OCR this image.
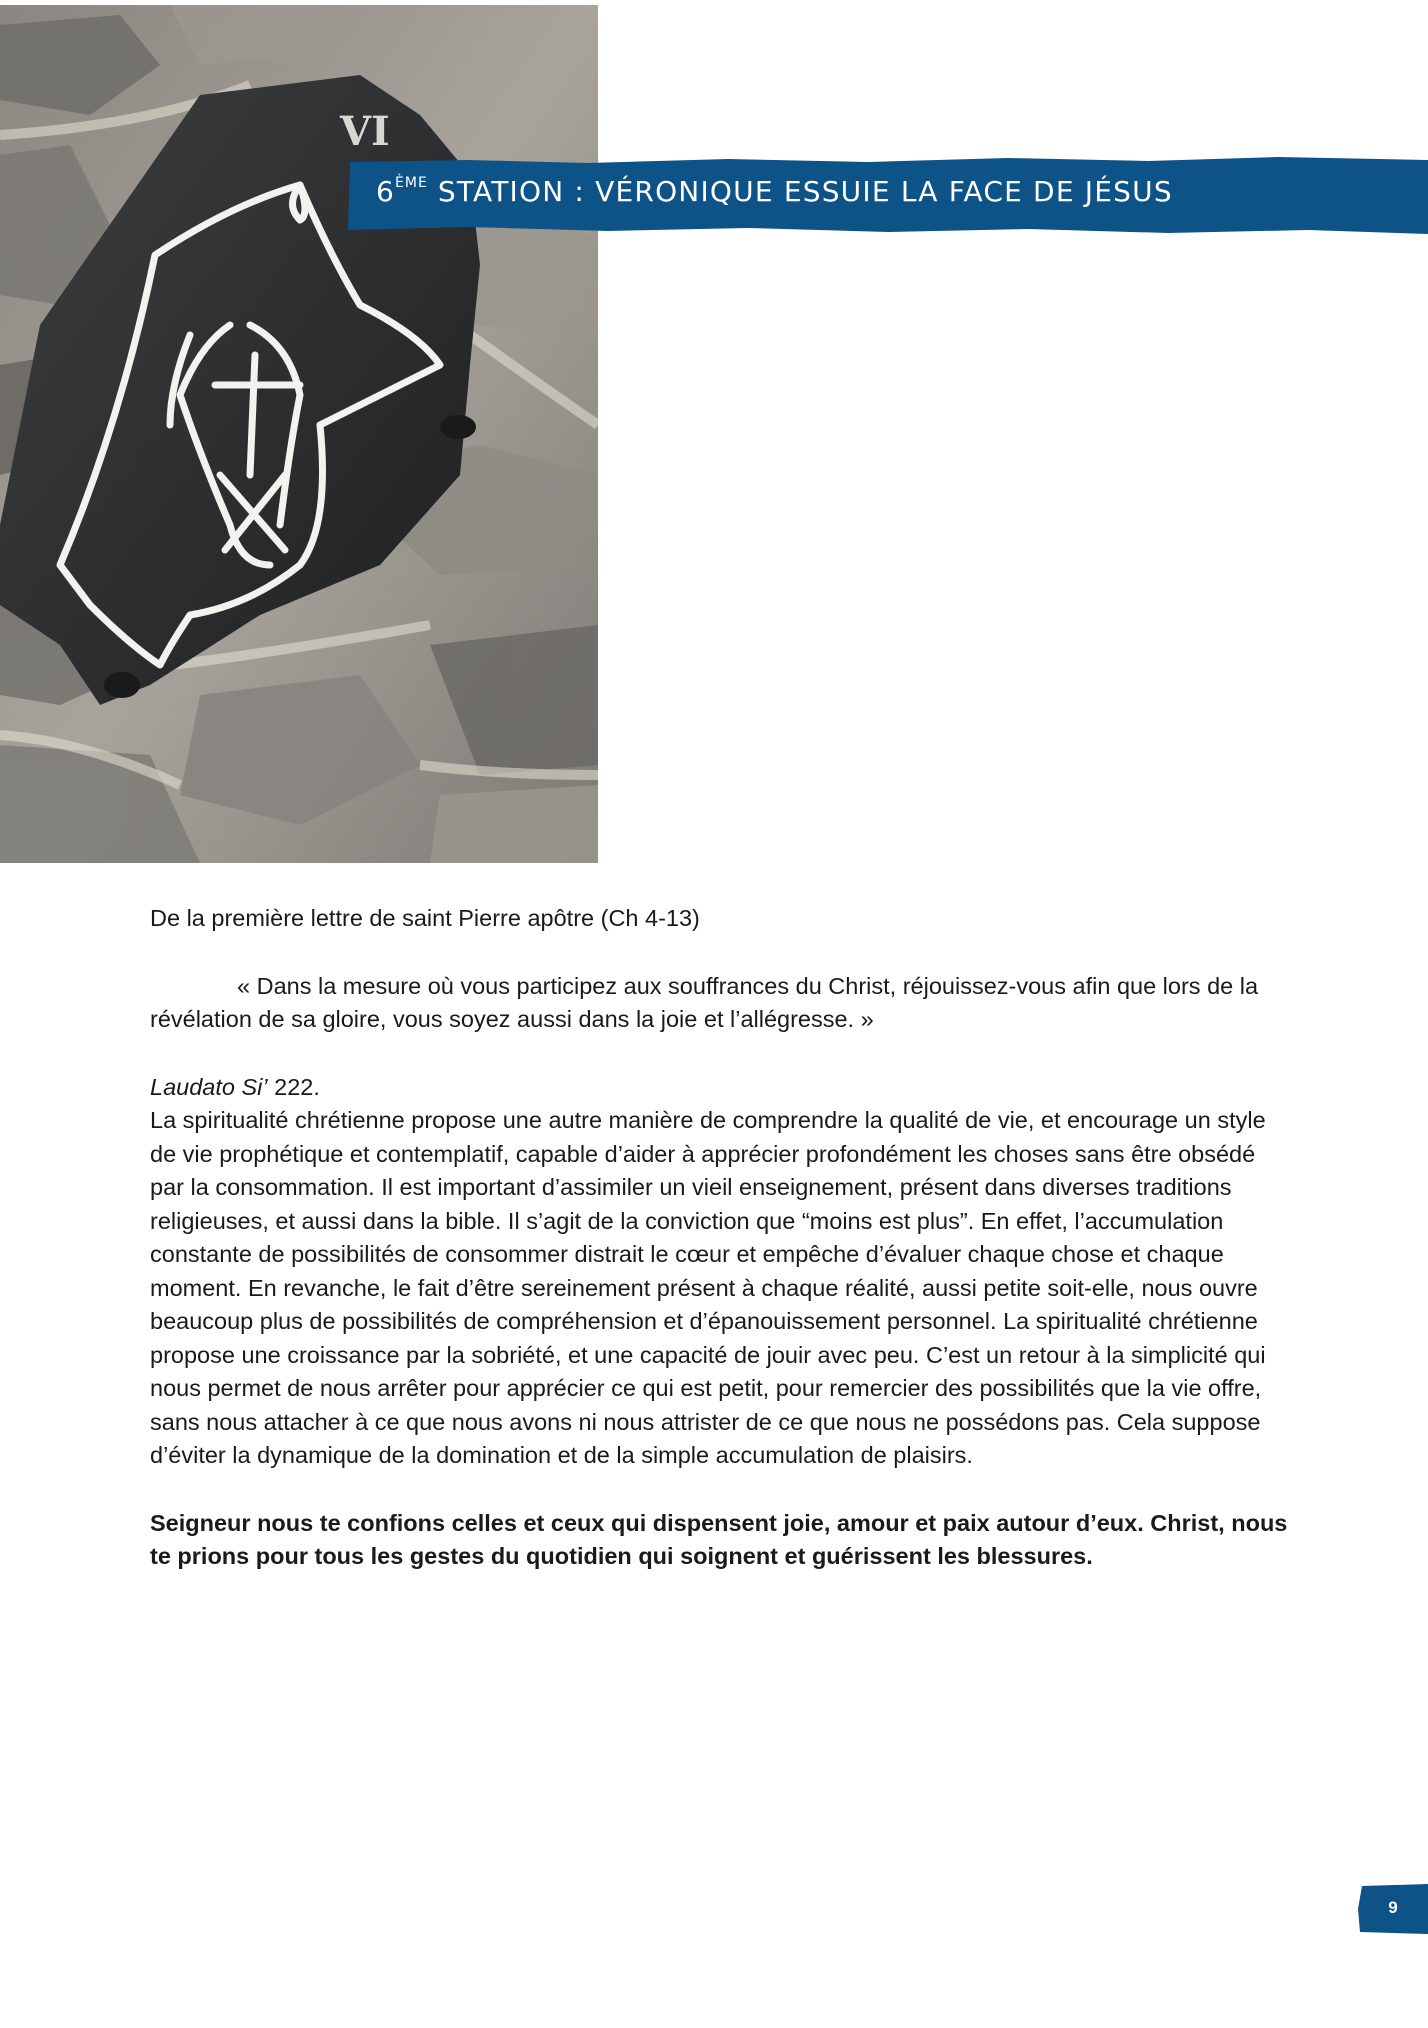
VI
6ÈME STATION : VÉRONIQUE ESSUIE LA FACE DE JÉSUS

De la première lettre de saint Pierre apôtre (Ch 4-13)

« Dans la mesure où vous participez aux souffrances du Christ, réjouissez-vous afin que lors de la révélation de sa gloire, vous soyez aussi dans la joie et l’allégresse. »

Laudato Si’ 222.

La spiritualité chrétienne propose une autre manière de comprendre la qualité de vie, et encourage un style de vie prophétique et contemplatif, capable d’aider à apprécier profondément les choses sans être obsédé par la consommation. Il est important d’assimiler un vieil enseignement, présent dans diverses traditions religieuses, et aussi dans la bible. Il s’agit de la conviction que “moins est plus”. En effet, l’accumulation constante de possibilités de consommer distrait le cœur et empêche d’évaluer chaque chose et chaque moment. En revanche, le fait d’être sereinement présent à chaque réalité, aussi petite soit-elle, nous ouvre beaucoup plus de possibilités de compréhension et d’épanouissement personnel. La spiritualité chrétienne propose une croissance par la sobriété, et une capacité de jouir avec peu. C’est un retour à la simplicité qui nous permet de nous arrêter pour apprécier ce qui est petit, pour remercier des possibilités que la vie offre, sans nous attacher à ce que nous avons ni nous attrister de ce que nous ne possédons pas. Cela suppose d’éviter la dynamique de la domination et de la simple accumulation de plaisirs.

Seigneur nous te confions celles et ceux qui dispensent joie, amour et paix autour d’eux. Christ, nous te prions pour tous les gestes du quotidien qui soignent et guérissent les blessures.

9
